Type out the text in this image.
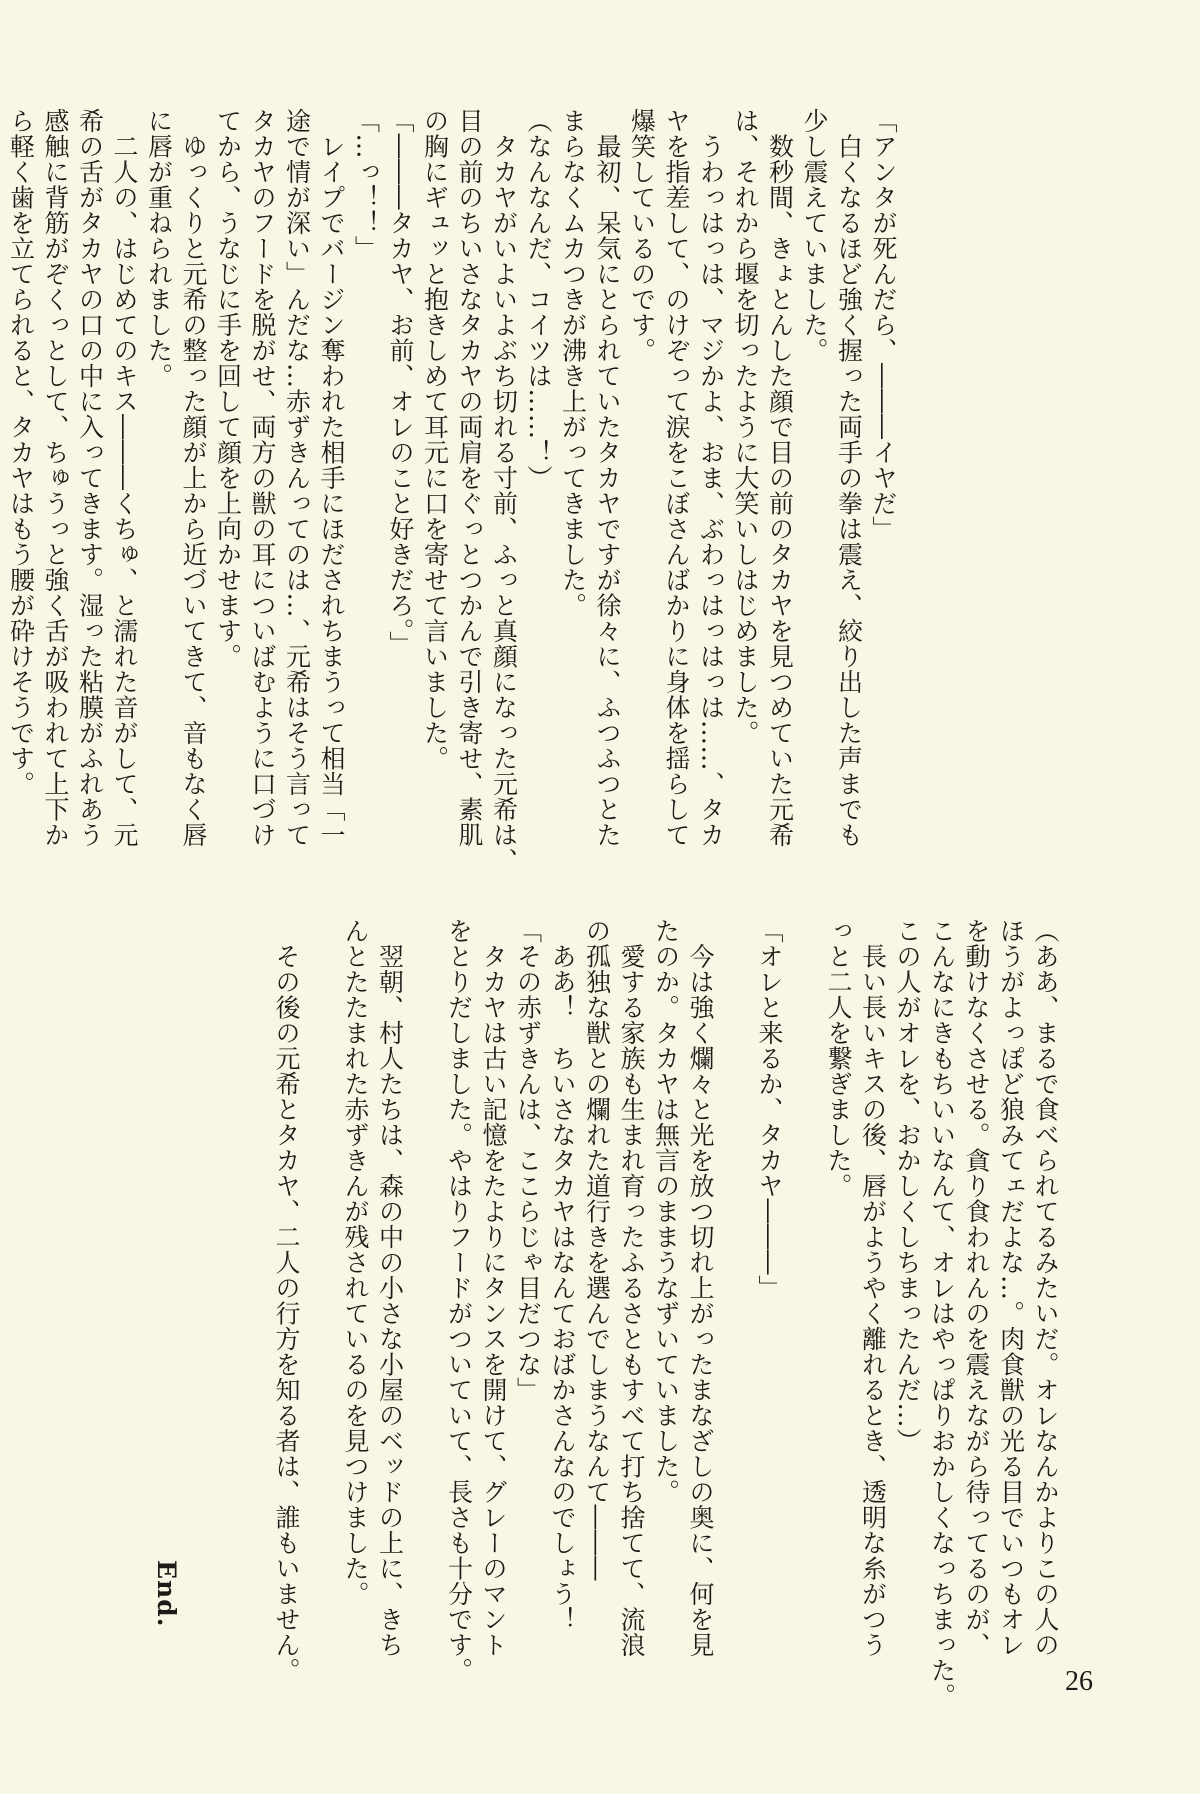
「アンタが死んだら、―――イヤだ」

　白くなるほど強く握った両手の拳は震え、絞り出した声までも

少し震えていました。

　数秒間、きょとんした顔で目の前のタカヤを見つめていた元希

は、それから堰を切ったように大笑いしはじめました。

　うわっはっは、マジかよ、おま、ぶわっはっはっは……、タカ

ヤを指差して、のけぞって涙をこぼさんばかりに身体を揺らして

爆笑しているのです。

　最初、呆気にとられていたタカヤですが徐々に、ふつふつとた

まらなくムカつきが沸き上がってきました。

（なんなんだ、コイツは……！）

　タカヤがいよいよぶち切れる寸前、ふっと真顔になった元希は、

目の前のちいさなタカヤの両肩をぐっとつかんで引き寄せ、素肌

の胸にギュッと抱きしめて耳元に口を寄せて言いました。

「―――タカヤ、お前、オレのこと好きだろ。」

「…っ！！」

　レイプでバージン奪われた相手にほだされちまうって相当「一

途で情が深い」んだな…赤ずきんってのは…、元希はそう言って

タカヤのフードを脱がせ、両方の獣の耳についばむように口づけ

てから、うなじに手を回して顔を上向かせます。

　ゆっくりと元希の整った顔が上から近づいてきて、音もなく唇

に唇が重ねられました。

　二人の、はじめてのキス―――くちゅ、と濡れた音がして、元

希の舌がタカヤの口の中に入ってきます。湿った粘膜がふれあう

感触に背筋がぞくっとして、ちゅうっと強く舌が吸われて上下か

ら軽く歯を立てられると、タカヤはもう腰が砕けそうです。

（ああ、まるで食べられてるみたいだ。オレなんかよりこの人の

ほうがよっぽど狼みてェだよな…。肉食獣の光る目でいつもオレ

を動けなくさせる。貪り食われんのを震えながら待ってるのが、

こんなにきもちいいなんて、オレはやっぱりおかしくなっちまった。

この人がオレを、おかしくしちまったんだ…）

　長い長いキスの後、唇がようやく離れるとき、透明な糸がつう

っと二人を繋ぎました。

「オレと来るか、タカヤ―――」

　今は強く爛々と光を放つ切れ上がったまなざしの奥に、何を見

たのか。タカヤは無言のままうなずいていました。

　愛する家族も生まれ育ったふるさともすべて打ち捨てて、流浪

の孤独な獣との爛れた道行きを選んでしまうなんて―――

　ああ！　ちいさなタカヤはなんておばかさんなのでしょう！

「その赤ずきんは、ここらじゃ目だつな」

　タカヤは古い記憶をたよりにタンスを開けて、グレーのマント

をとりだしました。やはりフードがついていて、長さも十分です。

　翌朝、村人たちは、森の中の小さな小屋のベッドの上に、きち

んとたたまれた赤ずきんが残されているのを見つけました。

　その後の元希とタカヤ、二人の行方を知る者は、誰もいません。

End.
26
